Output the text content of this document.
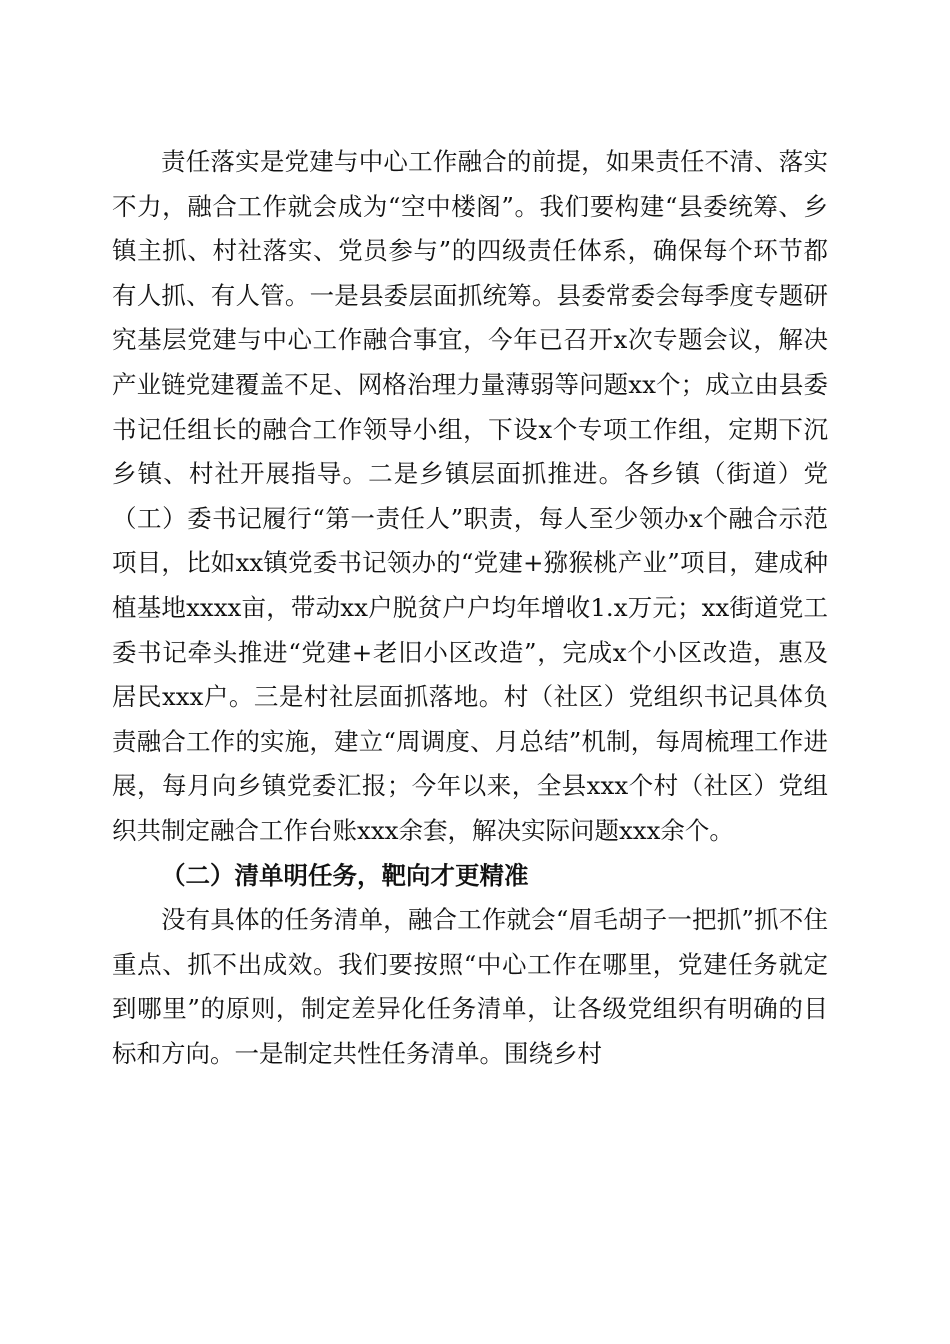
责任落实是党建与中心工作融合的前提，如果责任不清、落实不力，融合工作就会成为“空中楼阁”。我们要构建“县委统筹、乡镇主抓、村社落实、党员参与”的四级责任体系，确保每个环节都有人抓、有人管。一是县委层面抓统筹。县委常委会每季度专题研究基层党建与中心工作融合事宜，今年已召开x次专题会议，解决产业链党建覆盖不足、网格治理力量薄弱等问题xx个；成立由县委书记任组长的融合工作领导小组，下设x个专项工作组，定期下沉乡镇、村社开展指导。二是乡镇层面抓推进。各乡镇（街道）党（工）委书记履行“第一责任人”职责，每人至少领办x个融合示范项目，比如xx镇党委书记领办的“党建+猕猴桃产业”项目，建成种植基地xxxx亩，带动xx户脱贫户户均年增收1.x万元；xx街道党工委书记牵头推进“党建+老旧小区改造”，完成x个小区改造，惠及居民xxx户。三是村社层面抓落地。村（社区）党组织书记具体负责融合工作的实施，建立“周调度、月总结”机制，每周梳理工作进展，每月向乡镇党委汇报；今年以来，全县xxx个村（社区）党组织共制定融合工作台账xxx余套，解决实际问题xxx余个。

（二）清单明任务，靶向才更精准

没有具体的任务清单，融合工作就会“眉毛胡子一把抓”抓不住重点、抓不出成效。我们要按照“中心工作在哪里，党建任务就定到哪里”的原则，制定差异化任务清单，让各级党组织有明确的目标和方向。一是制定共性任务清单。围绕乡村
